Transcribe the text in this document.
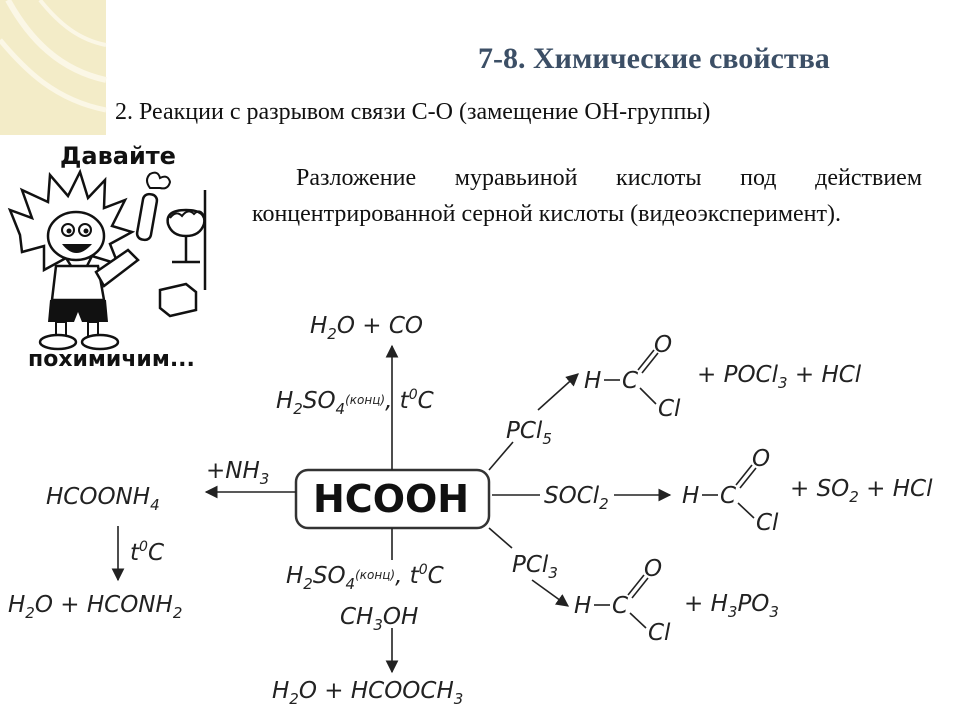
7-8. Химические свойства
2. Реакции с разрывом связи С-О (замещение ОН-группы)

Разложение муравьиной кислоты под действием концентрированной серной кислоты (видеоэксперимент).

Давайте
похимичим...
HCOOH
$H_2O$ + CO
$H_2SO_4^{(конц)}$, $t^0C$
$+NH_3$
$HCOONH_4$
$t^0C$
$H_2O$ + $HCONH_2$
$H_2SO_4^{(конц)}$, $t^0C$
$CH_3OH$
$H_2O$ + $HCOOCH_3$
PCl$_5$
H C
O
Cl
+ POCl$_3$ + HCl
SOCl$_2$	H C
O
Cl
+ $SO_2$ + HCl
PCl$_3$
H C
O
Cl
+ $H_3PO_3$
